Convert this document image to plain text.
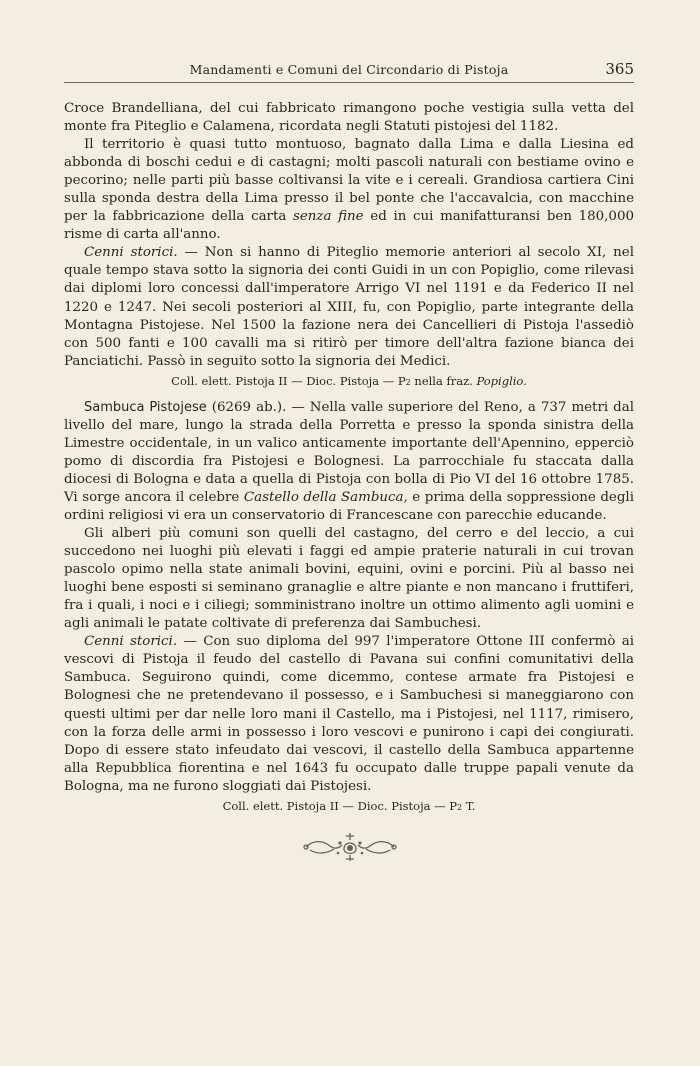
Mandamenti e Comuni del Circondario di Pistoja	365

Croce Brandelliana, del cui fabbricato rimangono poche vestigia sulla vetta del monte fra Piteglio e Calamena, ricordata negli Statuti pistojesi del 1182.

Il territorio è quasi tutto montuoso, bagnato dalla Lima e dalla Liesina ed abbonda di boschi cedui e di castagni; molti pascoli naturali con bestiame ovino e pecorino; nelle parti più basse coltivansi la vite e i cereali. Grandiosa cartiera Cini sulla sponda destra della Lima presso il bel ponte che l'accavalcia, con macchine per la fabbricazione della carta senza fine ed in cui manifatturansi ben 180,000 risme di carta all'anno.

Cenni storici. — Non si hanno di Piteglio memorie anteriori al secolo XI, nel quale tempo stava sotto la signoria dei conti Guidi in un con Popiglio, come rilevasi dai diplomi loro concessi dall'imperatore Arrigo VI nel 1191 e da Federico II nel 1220 e 1247. Nei secoli posteriori al XIII, fu, con Popiglio, parte integrante della Montagna Pistojese. Nel 1500 la fazione nera dei Cancellieri di Pistoja l'assediò con 500 fanti e 100 cavalli ma si ritirò per timore dell'altra fazione bianca dei Panciatichi. Passò in seguito sotto la signoria dei Medici.

Coll. elett. Pistoja II — Dioc. Pistoja — P2 nella fraz. Popiglio.

Sambuca Pistojese (6269 ab.). — Nella valle superiore del Reno, a 737 metri dal livello del mare, lungo la strada della Porretta e presso la sponda sinistra della Limestre occidentale, in un valico anticamente importante dell'Apennino, epperciò pomo di discordia fra Pistojesi e Bolognesi. La parrocchiale fu staccata dalla diocesi di Bologna e data a quella di Pistoja con bolla di Pio VI del 16 ottobre 1785. Vi sorge ancora il celebre Castello della Sambuca, e prima della soppressione degli ordini religiosi vi era un conservatorio di Francescane con parecchie educande.

Gli alberi più comuni son quelli del castagno, del cerro e del leccio, a cui succedono nei luoghi più elevati i faggi ed ampie praterie naturali in cui trovan pascolo opimo nella state animali bovini, equini, ovini e porcini. Più al basso nei luoghi bene esposti si seminano granaglie e altre piante e non mancano i fruttiferi, fra i quali, i noci e i ciliegi; somministrano inoltre un ottimo alimento agli uomini e agli animali le patate coltivate di preferenza dai Sambuchesi.

Cenni storici. — Con suo diploma del 997 l'imperatore Ottone III confermò ai vescovi di Pistoja il feudo del castello di Pavana sui confini comunitativi della Sambuca. Seguirono quindi, come dicemmo, contese armate fra Pistojesi e Bolognesi che ne pretendevano il possesso, e i Sambuchesi si maneggiarono con questi ultimi per dar nelle loro mani il Castello, ma i Pistojesi, nel 1117, rimisero, con la forza delle armi in possesso i loro vescovi e punirono i capi dei congiurati. Dopo di essere stato infeudato dai vescovi, il castello della Sambuca appartenne alla Repubblica fiorentina e nel 1643 fu occupato dalle truppe papali venute da Bologna, ma ne furono sloggiati dai Pistojesi.

Coll. elett. Pistoja II — Dioc. Pistoja — P2 T.
